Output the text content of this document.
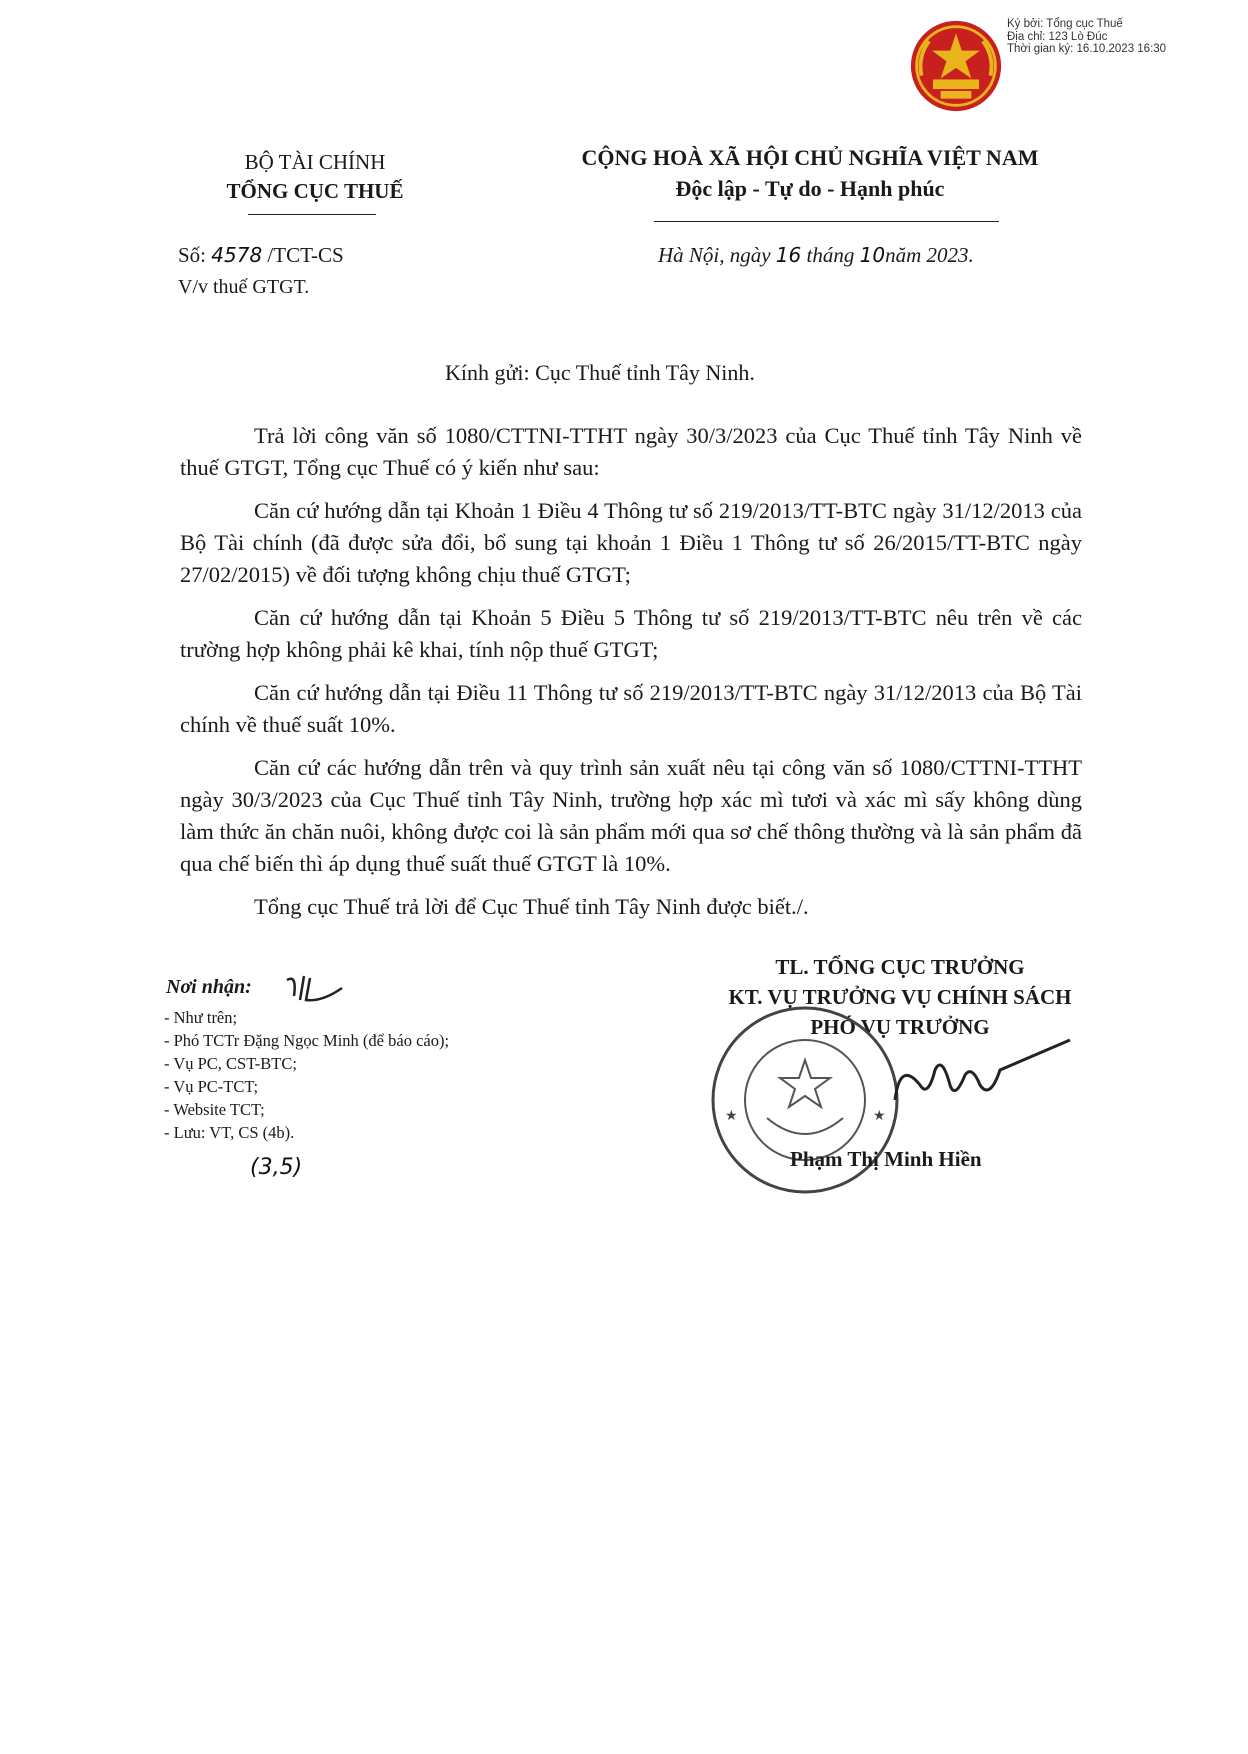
Ký bởi: Tổng cục Thuế
Địa chỉ: 123 Lò Đúc
Thời gian ký: 16.10.2023 16:30
BỘ TÀI CHÍNH
TỔNG CỤC THUẾ
CỘNG HOÀ XÃ HỘI CHỦ NGHĨA VIỆT NAM
Độc lập - Tự do - Hạnh phúc
Số: 4578 /TCT-CS
V/v thuế GTGT.
Hà Nội, ngày 16 tháng 10năm 2023.
Kính gửi: Cục Thuế tỉnh Tây Ninh.

Trả lời công văn số 1080/CTTNI-TTHT ngày 30/3/2023 của Cục Thuế tỉnh Tây Ninh về thuế GTGT, Tổng cục Thuế có ý kiến như sau:

Căn cứ hướng dẫn tại Khoản 1 Điều 4 Thông tư số 219/2013/TT-BTC ngày 31/12/2013 của Bộ Tài chính (đã được sửa đổi, bổ sung tại khoản 1 Điều 1 Thông tư số 26/2015/TT-BTC ngày 27/02/2015) về đối tượng không chịu thuế GTGT;

Căn cứ hướng dẫn tại Khoản 5 Điều 5 Thông tư số 219/2013/TT-BTC nêu trên về các trường hợp không phải kê khai, tính nộp thuế GTGT;

Căn cứ hướng dẫn tại Điều 11 Thông tư số 219/2013/TT-BTC ngày 31/12/2013 của Bộ Tài chính về thuế suất 10%.

Căn cứ các hướng dẫn trên và quy trình sản xuất nêu tại công văn số 1080/CTTNI-TTHT ngày 30/3/2023 của Cục Thuế tỉnh Tây Ninh, trường hợp xác mì tươi và xác mì sấy không dùng làm thức ăn chăn nuôi, không được coi là sản phẩm mới qua sơ chế thông thường và là sản phẩm đã qua chế biến thì áp dụng thuế suất thuế GTGT là 10%.

Tổng cục Thuế trả lời để Cục Thuế tỉnh Tây Ninh được biết./.

TL. TỔNG CỤC TRƯỞNG
KT. VỤ TRƯỞNG VỤ CHÍNH SÁCH
PHÓ VỤ TRƯỞNG
★	★
Phạm Thị Minh Hiền
Nơi nhận:
- Như trên;
- Phó TCTr Đặng Ngọc Minh (để báo cáo);
- Vụ PC, CST-BTC;
- Vụ PC-TCT;
- Website TCT;
- Lưu: VT, CS (4b).
(3,5)
